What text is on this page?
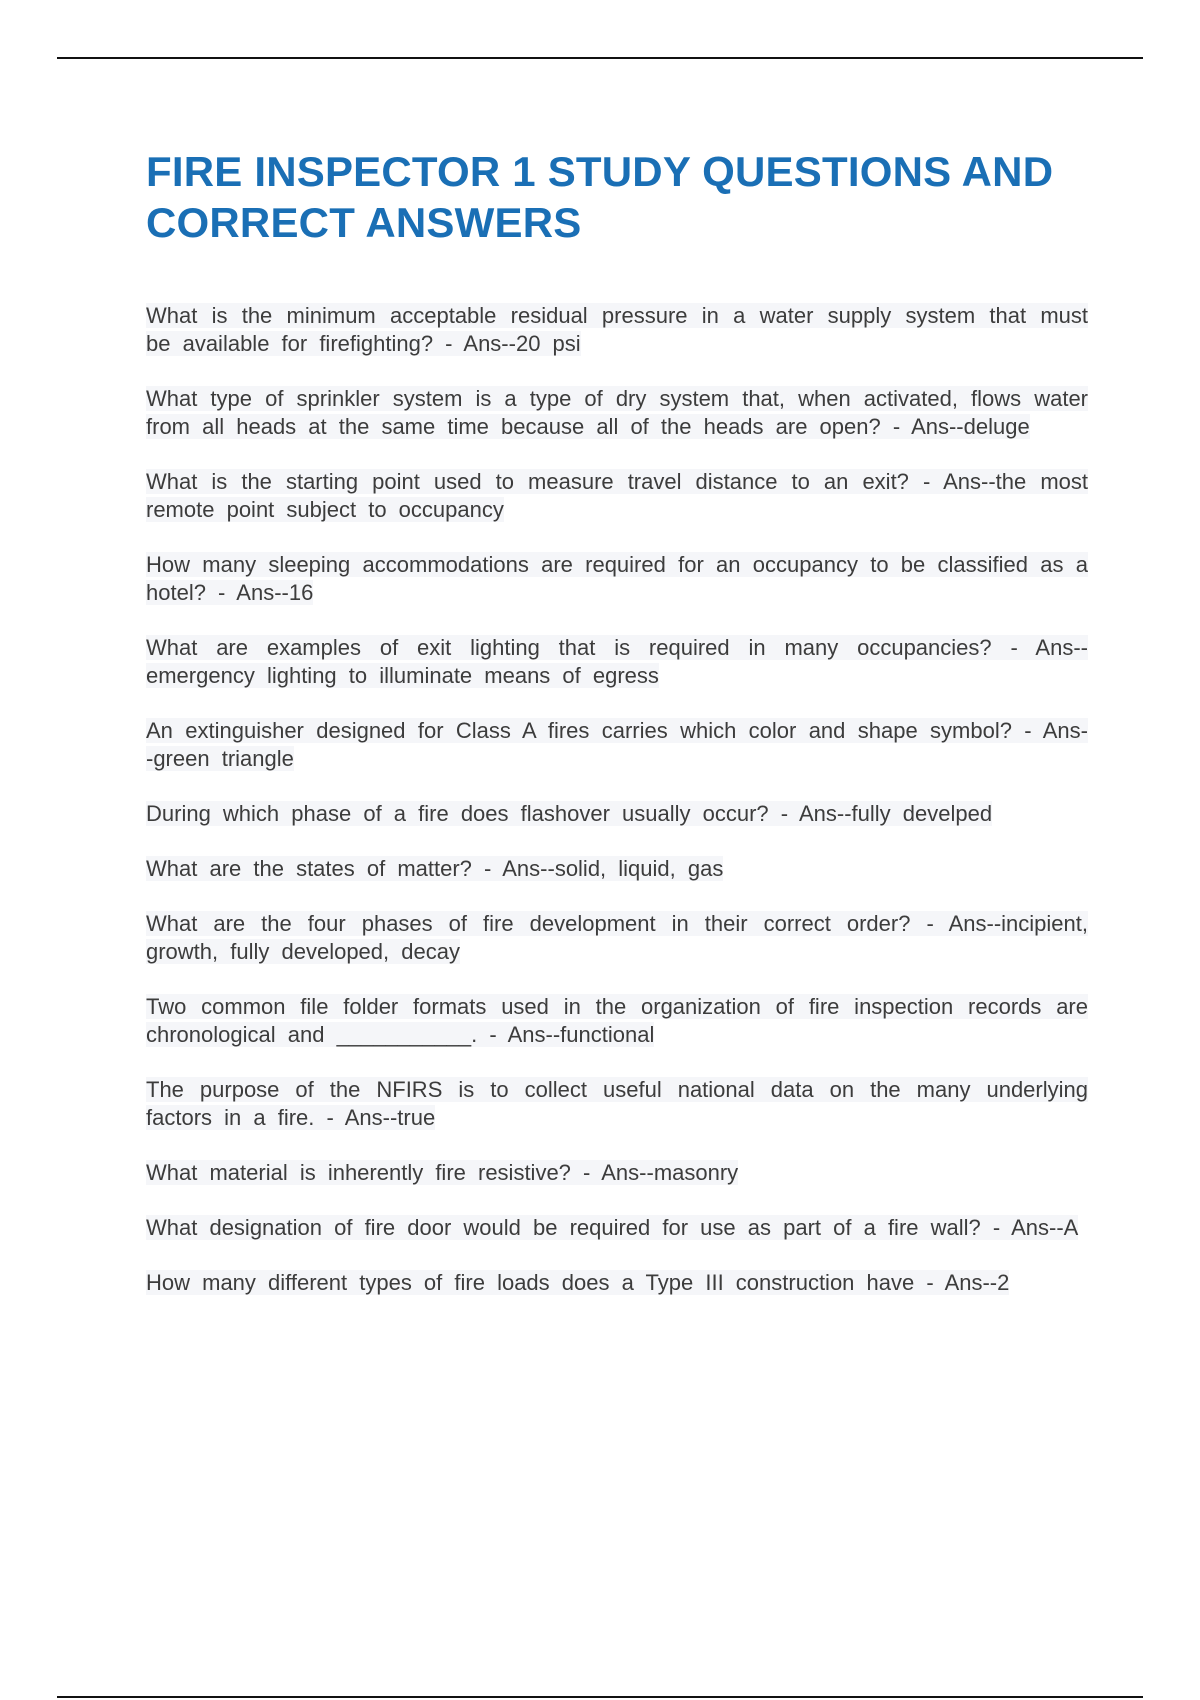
FIRE INSPECTOR 1 STUDY QUESTIONS AND CORRECT ANSWERS
What is the minimum acceptable residual pressure in a water supply system that must be available for firefighting? - Ans--20 psi
What type of sprinkler system is a type of dry system that, when activated, flows water from all heads at the same time because all of the heads are open? - Ans--deluge
What is the starting point used to measure travel distance to an exit? - Ans--the most remote point subject to occupancy
How many sleeping accommodations are required for an occupancy to be classified as a hotel? - Ans--16
What are examples of exit lighting that is required in many occupancies? - Ans--emergency lighting to illuminate means of egress
An extinguisher designed for Class A fires carries which color and shape symbol? - Ans--green triangle
During which phase of a fire does flashover usually occur? - Ans--fully develped
What are the states of matter? - Ans--solid, liquid, gas
What are the four phases of fire development in their correct order? - Ans--incipient, growth, fully developed, decay
Two common file folder formats used in the organization of fire inspection records are chronological and ___________. - Ans--functional
The purpose of the NFIRS is to collect useful national data on the many underlying factors in a fire. - Ans--true
What material is inherently fire resistive? - Ans--masonry
What designation of fire door would be required for use as part of a fire wall? - Ans--A
How many different types of fire loads does a Type III construction have - Ans--2
